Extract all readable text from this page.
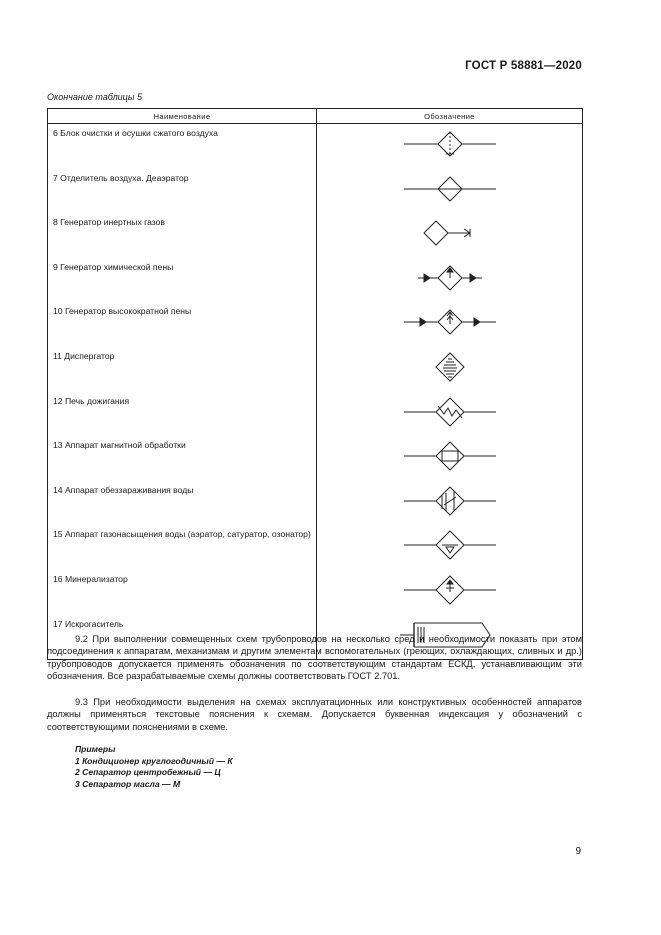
ГОСТ Р 58881—2020
Окончание таблицы 5
Наименование	Обозначение
6 Блок очистки и осушки сжатого воздуха	

7 Отделитель воздуха. Деаэратор	

8 Генератор инертных газов	

9 Генератор химической пены	

10 Генератор высокократной пены	

11 Диспергатор	

12 Печь дожигания	

13 Аппарат магнитной обработки	

14 Аппарат обеззараживания воды	

15 Аппарат газонасыщения воды (аэратор, сатуратор, озонатор)	

16 Минерализатор	

17 Искрогаситель	

9.2 При выполнении совмещенных схем трубопроводов на несколько сред и необходимости показать при этом подсоединения к аппаратам, механизмам и другим элементам вспомогательных (греющих, охлаждающих, сливных и др.) трубопроводов допускается применять обозначения по соответствующим стандартам ЕСКД, устанавливающим эти обозначения. Все разрабатываемые схемы должны соответствовать ГОСТ 2.701.

9.3 При необходимости выделения на схемах эксплуатационных или конструктивных особенностей аппаратов должны применяться текстовые пояснения к схемам. Допускается буквенная индексация у обозначений с соответствующими пояснениями в схеме.

Примеры
1 Кондиционер круглогодичный — К
2 Сепаратор центробежный — Ц
3 Сепаратор масла — М
9
